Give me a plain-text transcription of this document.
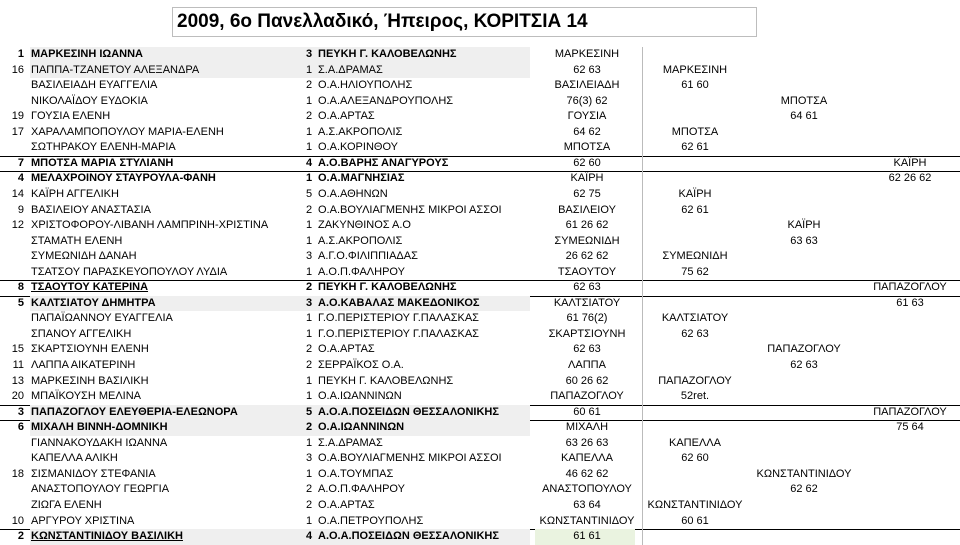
2009, 6ο Πανελλαδικό, Ήπειρος, ΚΟΡΙΤΣΙΑ 14
1 ΜΑΡΚΕΣΙΝΗ ΙΩΑΝΝΑ	3 ΠΕΥΚΗ Γ. ΚΑΛΟΒΕΛΩΝΗΣ	ΜΑΡΚΕΣΙΝΗ
16 ΠΑΠΠΑ-ΤΖΑΝΕΤΟΥ ΑΛΕΞΑΝΔΡΑ	1 Σ.Α.ΔΡΑΜΑΣ	62 63	ΜΑΡΚΕΣΙΝΗ
ΒΑΣΙΛΕΙΑΔΗ ΕΥΑΓΓΕΛΙΑ	2 Ο.Α.ΗΛΙΟΥΠΟΛΗΣ	ΒΑΣΙΛΕΙΑΔΗ	61 60
ΝΙΚΟΛΑΪΔΟΥ ΕΥΔΟΚΙΑ	1 Ο.Α.ΑΛΕΞΑΝΔΡΟΥΠΟΛΗΣ	76(3) 62	ΜΠΟΤΣΑ
19 ΓΟΥΣΙΑ ΕΛΕΝΗ	2 Ο.Α.ΑΡΤΑΣ	ΓΟΥΣΙΑ	64 61
17 ΧΑΡΑΛΑΜΠΟΠΟΥΛΟΥ ΜΑΡΙΑ-ΕΛΕΝΗ	1 Α.Σ.ΑΚΡΟΠΟΛΙΣ	64 62	ΜΠΟΤΣΑ
ΣΩΤΗΡΑΚΟΥ ΕΛΕΝΗ-ΜΑΡΙΑ	1 Ο.Α.ΚΟΡΙΝΘΟΥ	ΜΠΟΤΣΑ	62 61
7 ΜΠΟΤΣΑ ΜΑΡΙΑ ΣΤΥΛΙΑΝΗ	4 Α.Ο.ΒΑΡΗΣ ΑΝΑΓΥΡΟΥΣ	62 60	ΚΑΪΡΗ
4 ΜΕΛΑΧΡΟΙΝΟΥ ΣΤΑΥΡΟΥΛΑ-ΦΑΝΗ	1 Ο.Α.ΜΑΓΝΗΣΙΑΣ	ΚΑΪΡΗ	62 26 62
14 ΚΑΪΡΗ ΑΓΓΕΛΙΚΗ	5 Ο.Α.ΑΘΗΝΩΝ	62 75	ΚΑΪΡΗ
9 ΒΑΣΙΛΕΙΟΥ ΑΝΑΣΤΑΣΙΑ	2 Ο.Α.ΒΟΥΛΙΑΓΜΕΝΗΣ ΜΙΚΡΟΙ ΑΣΣΟΙ	ΒΑΣΙΛΕΙΟΥ	62 61
12 ΧΡΙΣΤΟΦΟΡΟΥ-ΛΙΒΑΝΗ ΛΑΜΠΡΙΝΗ-ΧΡΙΣΤΙΝΑ	1 ΖΑΚΥΝΘΙΝΟΣ Α.Ο	61 26 62	ΚΑΪΡΗ
ΣΤΑΜΑΤΗ ΕΛΕΝΗ	1 Α.Σ.ΑΚΡΟΠΟΛΙΣ	ΣΥΜΕΩΝΙΔΗ	63 63
ΣΥΜΕΩΝΙΔΗ ΔΑΝΑΗ	3 Α.Γ.Ο.ΦΙΛΙΠΠΙΑΔΑΣ	26 62 62	ΣΥΜΕΩΝΙΔΗ
ΤΣΑΤΣΟΥ ΠΑΡΑΣΚΕΥΟΠΟΥΛΟΥ ΛΥΔΙΑ	1 Α.Ο.Π.ΦΑΛΗΡΟΥ	ΤΣΑΟΥΤΟΥ	75 62
8 ΤΣΑΟΥΤΟΥ ΚΑΤΕΡΙΝΑ	2 ΠΕΥΚΗ Γ. ΚΑΛΟΒΕΛΩΝΗΣ	62 63	ΠΑΠΑΖΟΓΛΟΥ
5 ΚΑΛΤΣΙΑΤΟΥ ΔΗΜΗΤΡΑ	3 Α.Ο.ΚΑΒΑΛΑΣ ΜΑΚΕΔΟΝΙΚΟΣ	ΚΑΛΤΣΙΑΤΟΥ	61 63
ΠΑΠΑΪΩΑΝΝΟΥ ΕΥΑΓΓΕΛΙΑ	1 Γ.Ο.ΠΕΡΙΣΤΕΡΙΟΥ Γ.ΠΑΛΑΣΚΑΣ	61 76(2)	ΚΑΛΤΣΙΑΤΟΥ
ΣΠΑΝΟΥ ΑΓΓΕΛΙΚΗ	1 Γ.Ο.ΠΕΡΙΣΤΕΡΙΟΥ Γ.ΠΑΛΑΣΚΑΣ	ΣΚΑΡΤΣΙΟΥΝΗ	62 63
15 ΣΚΑΡΤΣΙΟΥΝΗ ΕΛΕΝΗ	2 Ο.Α.ΑΡΤΑΣ	62 63	ΠΑΠΑΖΟΓΛΟΥ
11 ΛΑΠΠΑ ΑΙΚΑΤΕΡΙΝΗ	2 ΣΕΡΡΑΪΚΟΣ Ο.Α.	ΛΑΠΠΑ	62 63
13 ΜΑΡΚΕΣΙΝΗ ΒΑΣΙΛΙΚΗ	1 ΠΕΥΚΗ Γ. ΚΑΛΟΒΕΛΩΝΗΣ	60 26 62	ΠΑΠΑΖΟΓΛΟΥ
20 ΜΠΑΪΚΟΥΣΗ ΜΕΛΙΝΑ	1 Ο.Α.ΙΩΑΝΝΙΝΩΝ	ΠΑΠΑΖΟΓΛΟΥ	52ret.
3 ΠΑΠΑΖΟΓΛΟΥ ΕΛΕΥΘΕΡΙΑ-ΕΛΕΩΝΟΡΑ	5 Α.Ο.Α.ΠΟΣΕΙΔΩΝ ΘΕΣΣΑΛΟΝΙΚΗΣ	60 61	ΠΑΠΑΖΟΓΛΟΥ
6 ΜΙΧΑΛΗ ΒΙΝΝΗ-ΔΟΜΝΙΚΗ	2 Ο.Α.ΙΩΑΝΝΙΝΩΝ	ΜΙΧΑΛΗ	75 64
ΓΙΑΝΝΑΚΟΥΔΑΚΗ ΙΩΑΝΝΑ	1 Σ.Α.ΔΡΑΜΑΣ	63 26 63	ΚΑΠΕΛΛΑ
ΚΑΠΕΛΛΑ ΑΛΙΚΗ	3 Ο.Α.ΒΟΥΛΙΑΓΜΕΝΗΣ ΜΙΚΡΟΙ ΑΣΣΟΙ	ΚΑΠΕΛΛΑ	62 60
18 ΣΙΣΜΑΝΙΔΟΥ ΣΤΕΦΑΝΙΑ	1 Ο.Α.ΤΟΥΜΠΑΣ	46 62 62	ΚΩΝΣΤΑΝΤΙΝΙΔΟΥ
ΑΝΑΣΤΟΠΟΥΛΟΥ ΓΕΩΡΓΙΑ	2 Α.Ο.Π.ΦΑΛΗΡΟΥ	ΑΝΑΣΤΟΠΟΥΛΟΥ	62 62
ΖΙΩΓΑ ΕΛΕΝΗ	2 Ο.Α.ΑΡΤΑΣ	63 64	ΚΩΝΣΤΑΝΤΙΝΙΔΟΥ
10 ΑΡΓΥΡΟΥ ΧΡΙΣΤΙΝΑ	1 Ο.Α.ΠΕΤΡΟΥΠΟΛΗΣ	ΚΩΝΣΤΑΝΤΙΝΙΔΟΥ	60 61
2 ΚΩΝΣΤΑΝΤΙΝΙΔΟΥ ΒΑΣΙΛΙΚΗ	4 Α.Ο.Α.ΠΟΣΕΙΔΩΝ ΘΕΣΣΑΛΟΝΙΚΗΣ	61 61
